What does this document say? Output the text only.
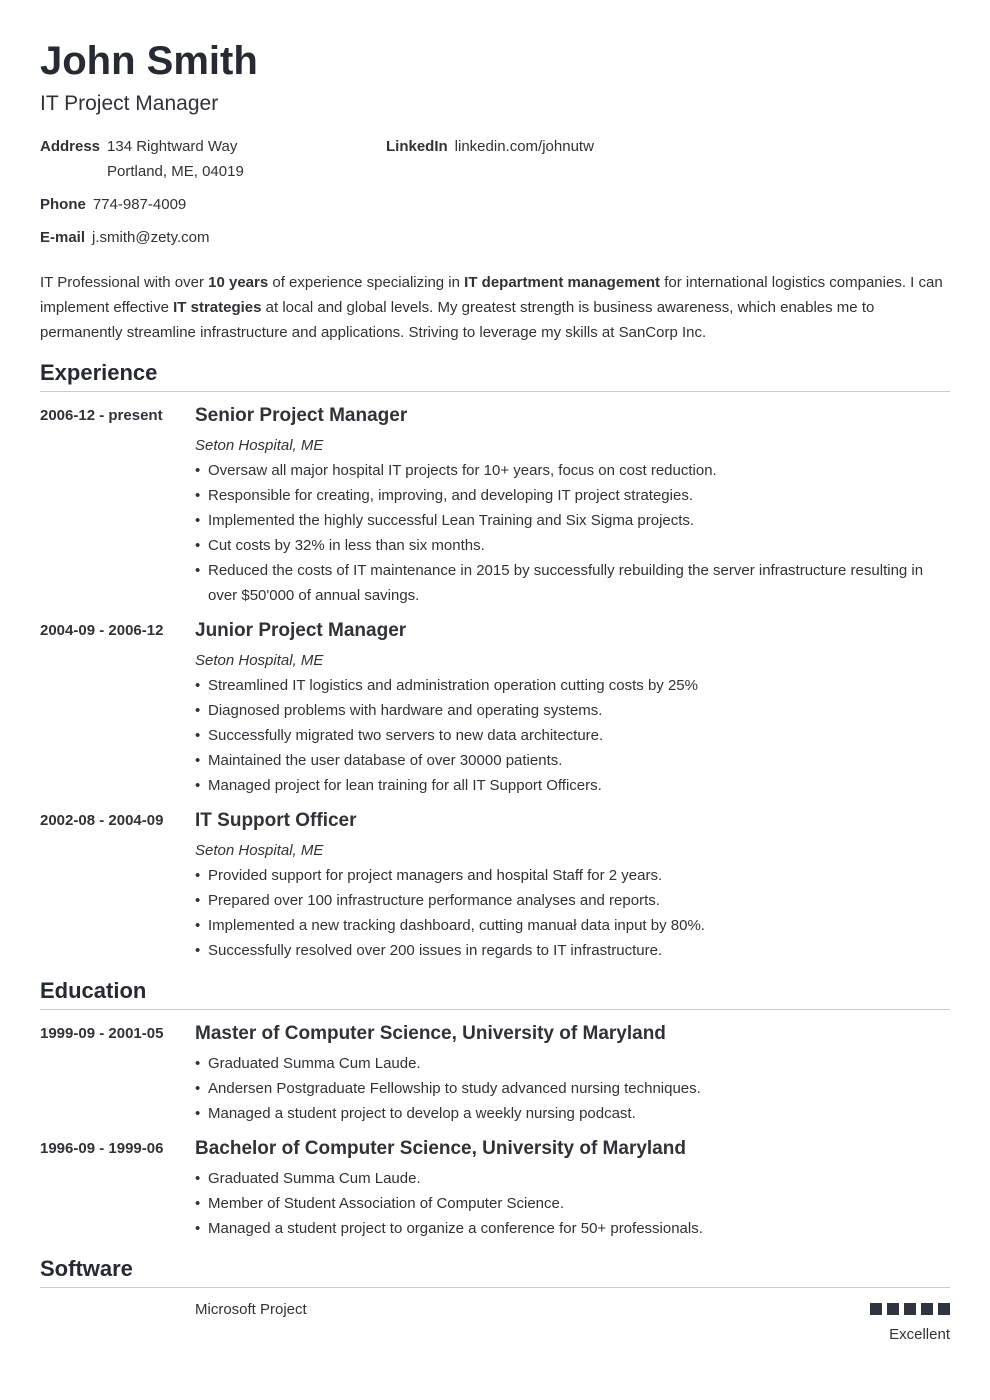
John Smith
IT Project Manager
Address 134 Rightward Way
Portland, ME, 04019
LinkedIn linkedin.com/johnutw
Phone 774-987-4009
E-mail j.smith@zety.com

IT Professional with over 10 years of experience specializing in IT department management for international logistics companies. I can implement effective IT strategies at local and global levels. My greatest strength is business awareness, which enables me to permanently streamline infrastructure and applications. Striving to leverage my skills at SanCorp Inc.

Experience
2006-12 - present Senior Project Manager
Seton Hospital, ME
• Oversaw all major hospital IT projects for 10+ years, focus on cost reduction.
• Responsible for creating, improving, and developing IT project strategies.
• Implemented the highly successful Lean Training and Six Sigma projects.
• Cut costs by 32% in less than six months.
• Reduced the costs of IT maintenance in 2015 by successfully rebuilding the server infrastructure resulting in over $50'000 of annual savings.
2004-09 - 2006-12 Junior Project Manager
Seton Hospital, ME
• Streamlined IT logistics and administration operation cutting costs by 25%
• Diagnosed problems with hardware and operating systems.
• Successfully migrated two servers to new data architecture.
• Maintained the user database of over 30000 patients.
• Managed project for lean training for all IT Support Officers.
2002-08 - 2004-09 IT Support Officer
Seton Hospital, ME
• Provided support for project managers and hospital Staff for 2 years.
• Prepared over 100 infrastructure performance analyses and reports.
• Implemented a new tracking dashboard, cutting manuał data input by 80%.
• Successfully resolved over 200 issues in regards to IT infrastructure.
Education
1999-09 - 2001-05 Master of Computer Science, University of Maryland
• Graduated Summa Cum Laude.
• Andersen Postgraduate Fellowship to study advanced nursing techniques.
• Managed a student project to develop a weekly nursing podcast.
1996-09 - 1999-06 Bachelor of Computer Science, University of Maryland
• Graduated Summa Cum Laude.
• Member of Student Association of Computer Science.
• Managed a student project to organize a conference for 50+ professionals.
Software
Microsoft Project
Excellent
